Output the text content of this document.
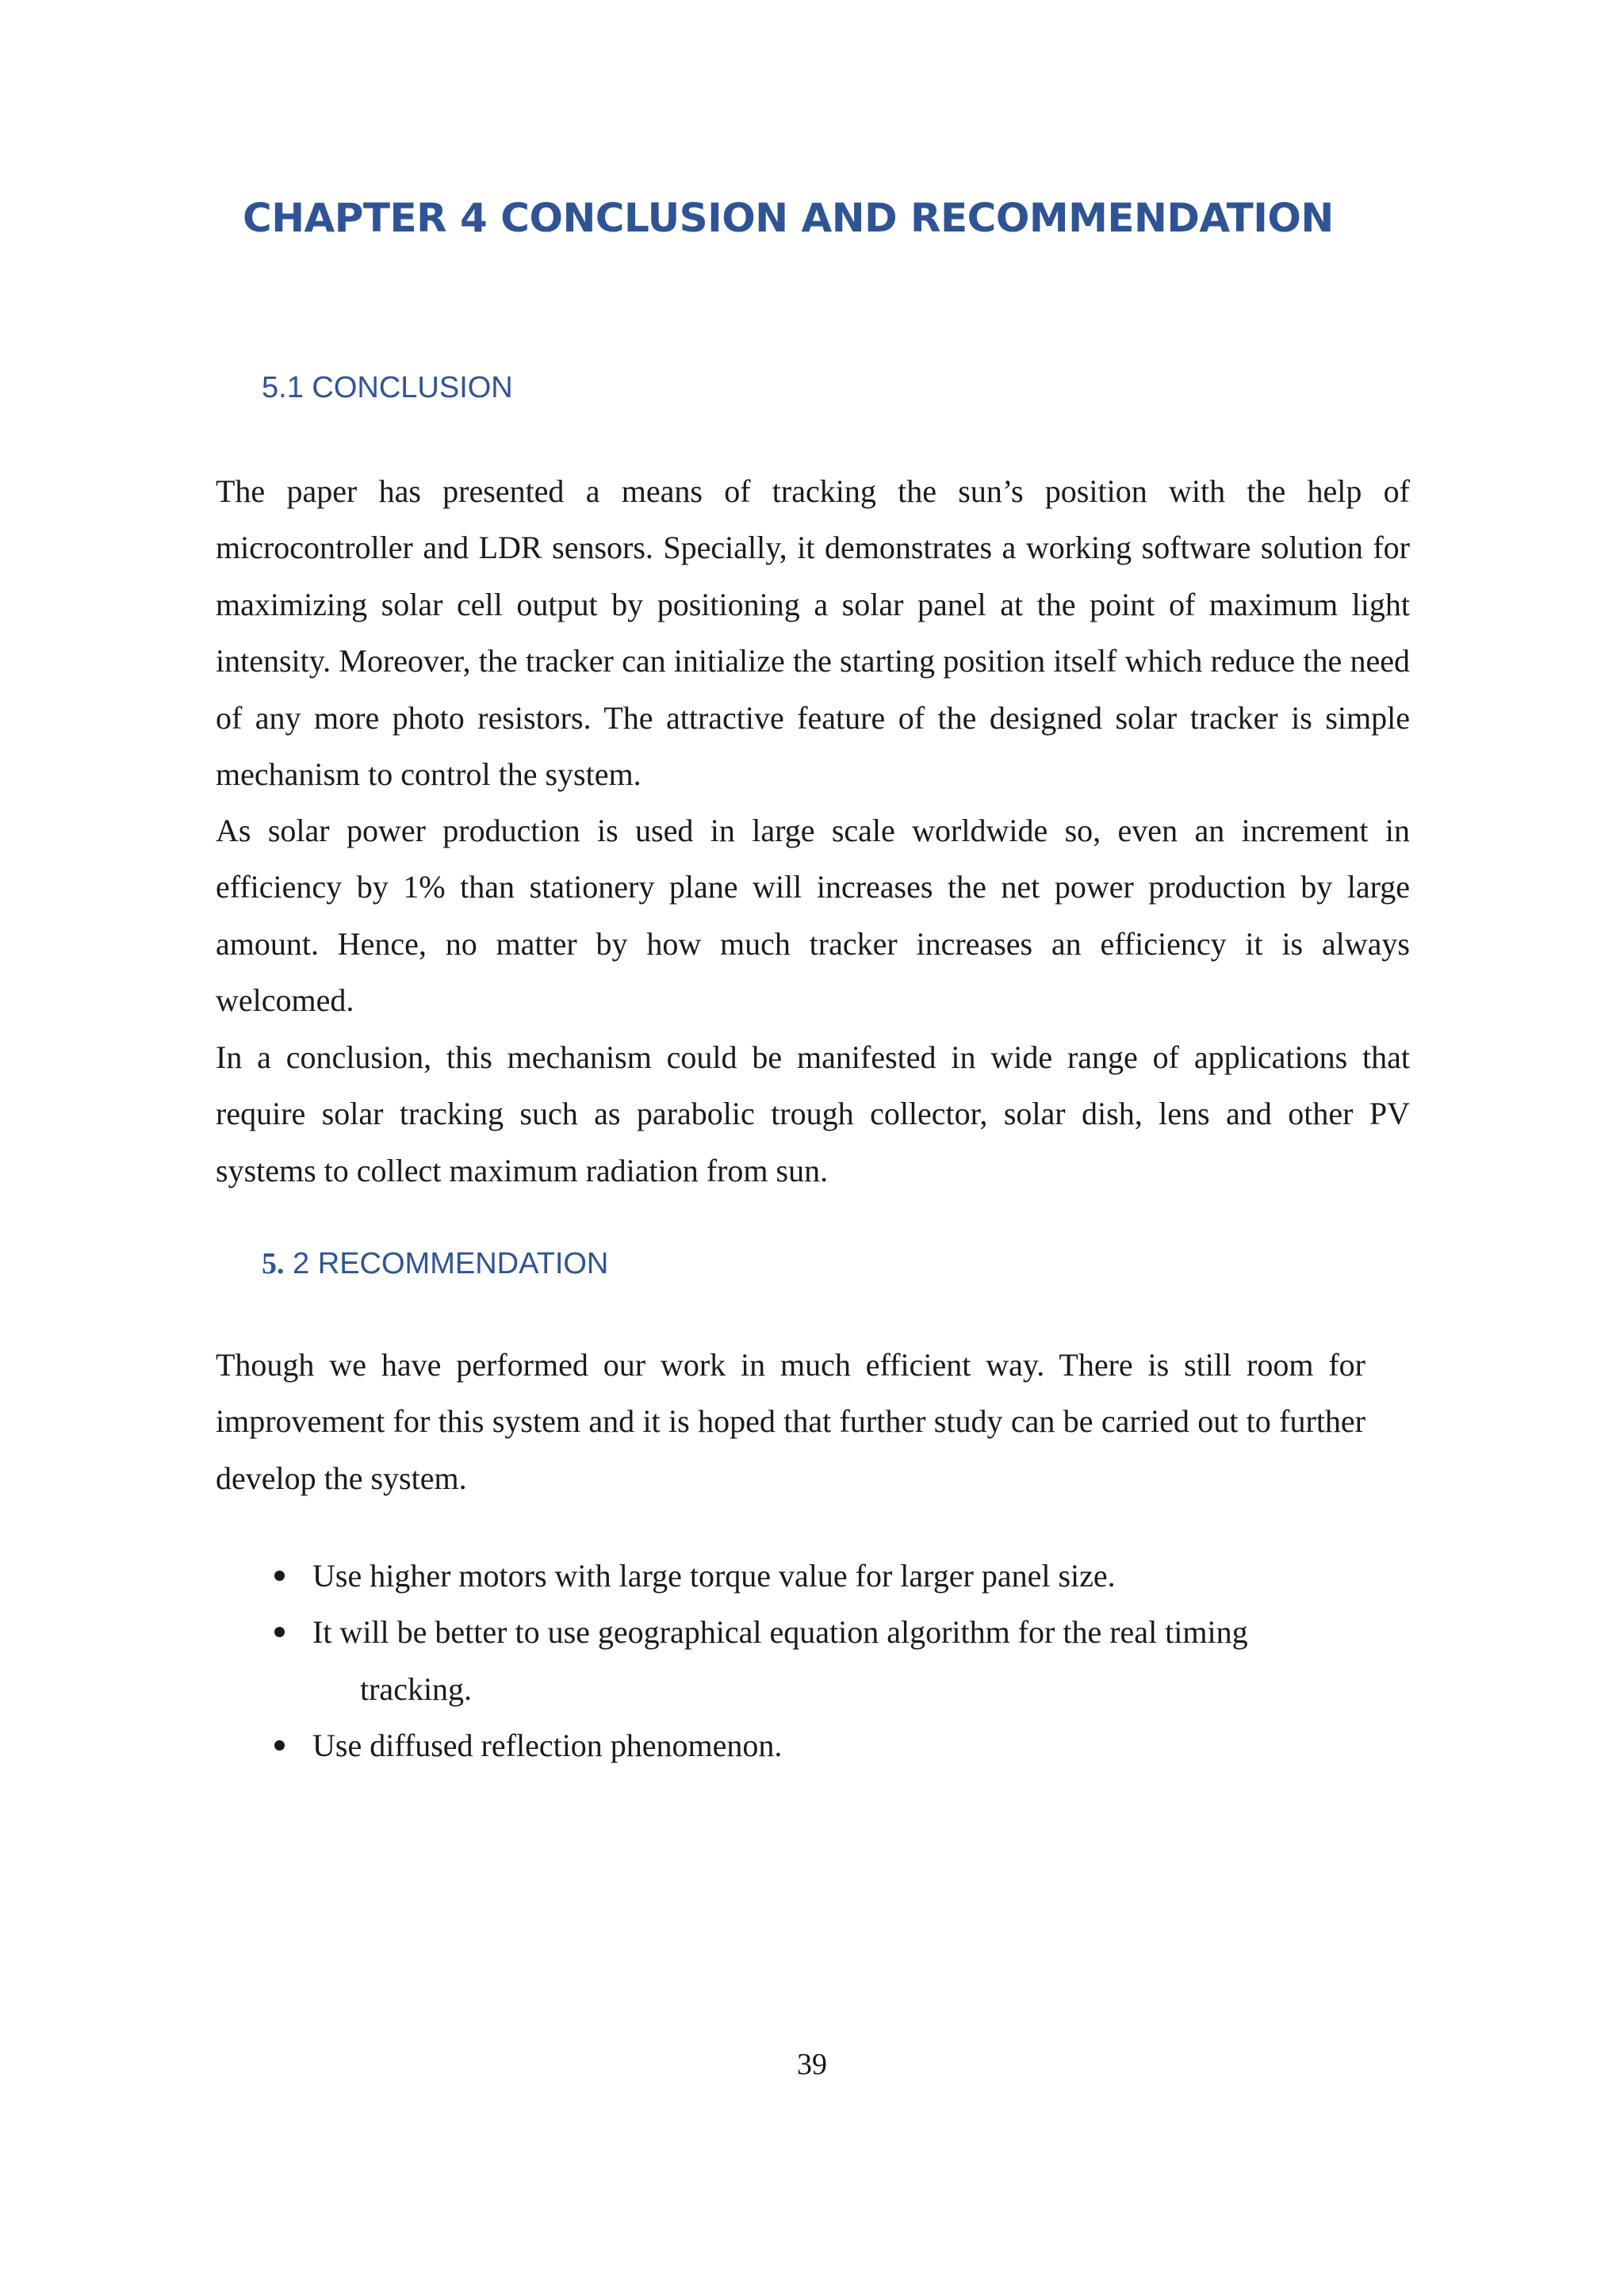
CHAPTER 4 CONCLUSION AND RECOMMENDATION
5.1 CONCLUSION

The paper has presented a means of tracking the sun’s position with the help of microcontroller and LDR sensors. Specially, it demonstrates a working software solution for maximizing solar cell output by positioning a solar panel at the point of maximum light intensity. Moreover, the tracker can initialize the starting position itself which reduce the need of any more photo resistors. The attractive feature of the designed solar tracker is simple mechanism to control the system.

As solar power production is used in large scale worldwide so, even an increment in efficiency by 1% than stationery plane will increases the net power production by large amount. Hence, no matter by how much tracker increases an efficiency it is always welcomed.

In a conclusion, this mechanism could be manifested in wide range of applications that require solar tracking such as parabolic trough collector, solar dish, lens and other PV systems to collect maximum radiation from sun.

5. 2 RECOMMENDATION

Though we have performed our work in much efficient way. There is still room for improvement for this system and it is hoped that further study can be carried out to further develop the system.

Use higher motors with large torque value for larger panel size.
It will be better to use geographical equation algorithm for the real timing
tracking.
Use diffused reflection phenomenon.

39
